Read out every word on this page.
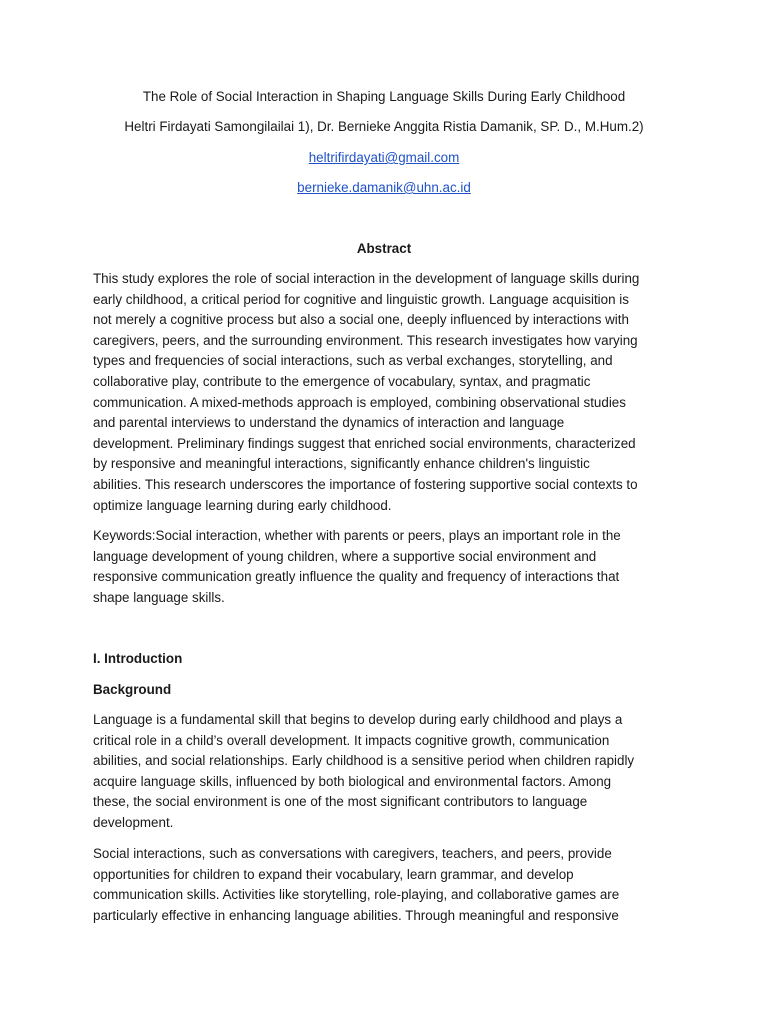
The Role of Social Interaction in Shaping Language Skills During Early Childhood
Heltri Firdayati Samongilailai 1), Dr. Bernieke Anggita Ristia Damanik, SP. D., M.Hum.2)
heltrifirdayati@gmail.com
bernieke.damanik@uhn.ac.id
Abstract

This study explores the role of social interaction in the development of language skills during
early childhood, a critical period for cognitive and linguistic growth. Language acquisition is
not merely a cognitive process but also a social one, deeply influenced by interactions with
caregivers, peers, and the surrounding environment. This research investigates how varying
types and frequencies of social interactions, such as verbal exchanges, storytelling, and
collaborative play, contribute to the emergence of vocabulary, syntax, and pragmatic
communication. A mixed-methods approach is employed, combining observational studies
and parental interviews to understand the dynamics of interaction and language
development. Preliminary findings suggest that enriched social environments, characterized
by responsive and meaningful interactions, significantly enhance children's linguistic
abilities. This research underscores the importance of fostering supportive social contexts to
optimize language learning during early childhood.

Keywords:Social interaction, whether with parents or peers, plays an important role in the
language development of young children, where a supportive social environment and
responsive communication greatly influence the quality and frequency of interactions that
shape language skills.

I. Introduction
Background

Language is a fundamental skill that begins to develop during early childhood and plays a
critical role in a child’s overall development. It impacts cognitive growth, communication
abilities, and social relationships. Early childhood is a sensitive period when children rapidly
acquire language skills, influenced by both biological and environmental factors. Among
these, the social environment is one of the most significant contributors to language
development.

Social interactions, such as conversations with caregivers, teachers, and peers, provide
opportunities for children to expand their vocabulary, learn grammar, and develop
communication skills. Activities like storytelling, role-playing, and collaborative games are
particularly effective in enhancing language abilities. Through meaningful and responsive
